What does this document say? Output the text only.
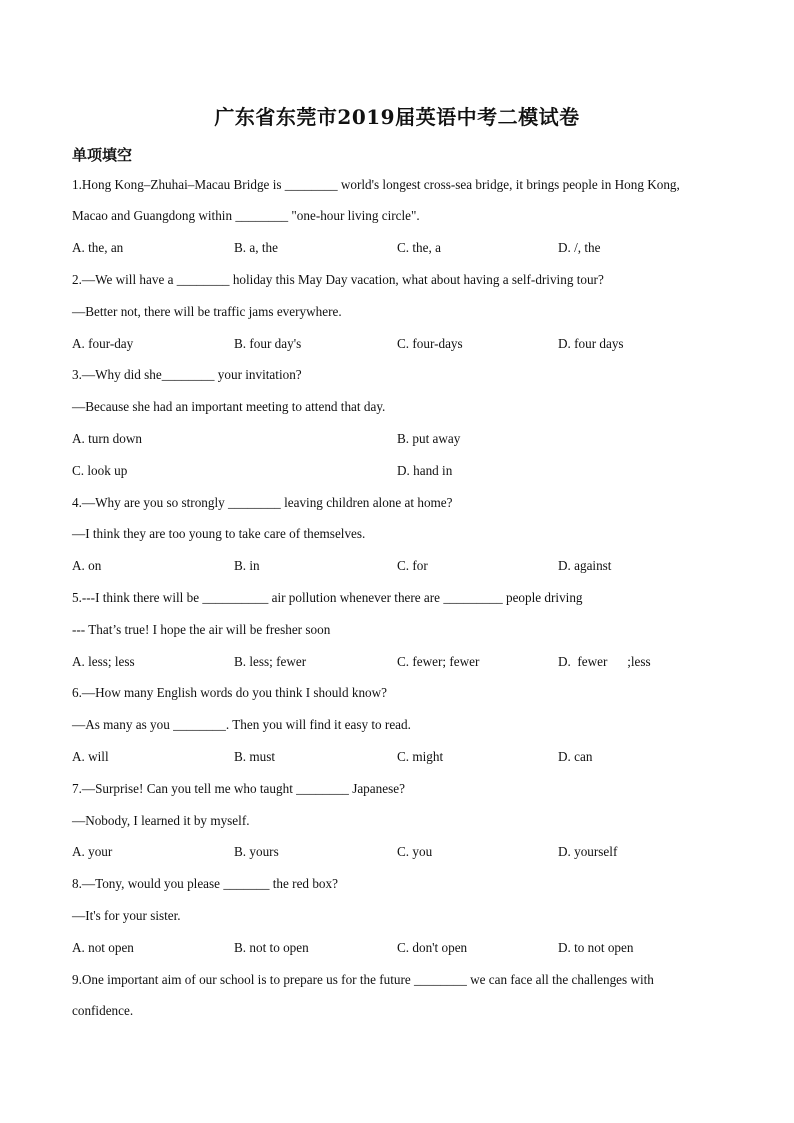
广东省东莞市2019届英语中考二模试卷
单项填空
1.Hong Kong–Zhuhai–Macau Bridge is ________ world's longest cross-sea bridge, it brings people in Hong Kong,
Macao and Guangdong within ________ "one-hour living circle".
A. the, an	B. a, the	C. the, a	D. /, the
2.—We will have a ________ holiday this May Day vacation, what about having a self-driving tour?
—Better not, there will be traffic jams everywhere.
A. four-day	B. four day's	C. four-days	D. four days
3.—Why did she________ your invitation?
—Because she had an important meeting to attend that day.
A. turn down	B. put away
C. look up	D. hand in
4.—Why are you so strongly ________ leaving children alone at home?
—I think they are too young to take care of themselves.
A. on	B. in	C. for	D. against
5.---I think there will be __________ air pollution whenever there are _________ people driving
--- That’s true! I hope the air will be fresher soon
A. less; less	B. less; fewer	C. fewer; fewer	D.  fewer      ;less
6.—How many English words do you think I should know?
—As many as you ________. Then you will find it easy to read.
A. will	B. must	C. might	D. can
7.—Surprise! Can you tell me who taught ________ Japanese?
—Nobody, I learned it by myself.
A. your	B. yours	C. you	D. yourself
8.—Tony, would you please _______ the red box?
—It's for your sister.
A. not open	B. not to open	C. don't open	D. to not open
9.One important aim of our school is to prepare us for the future ________ we can face all the challenges with
confidence.
